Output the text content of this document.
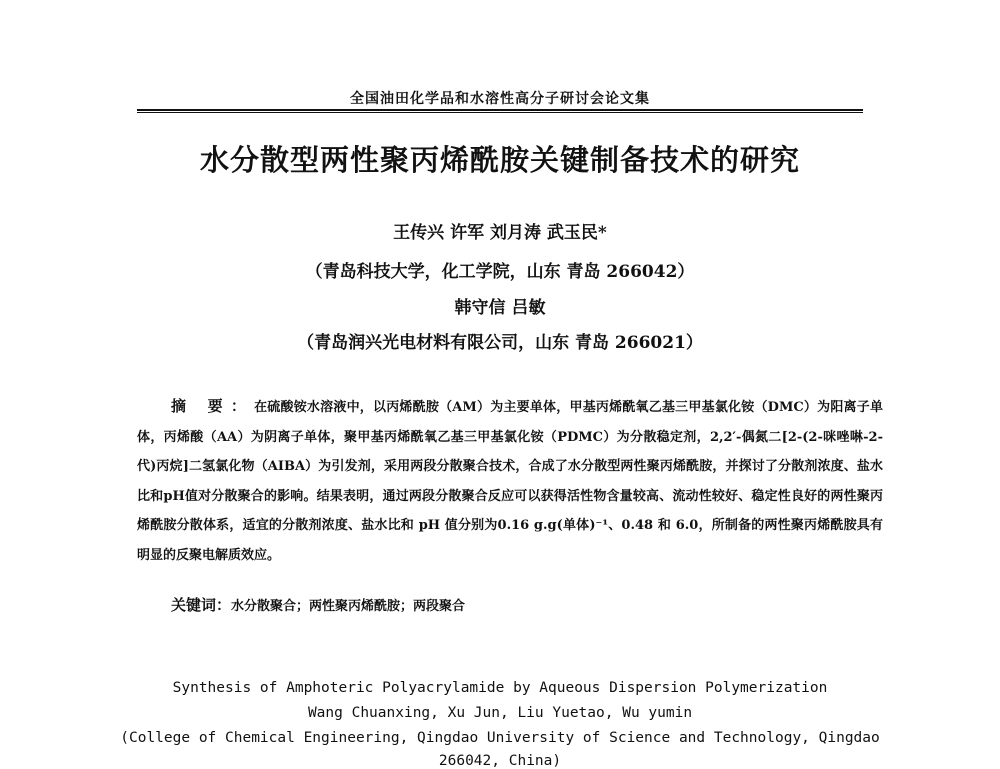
全国油田化学品和水溶性高分子研讨会论文集
水分散型两性聚丙烯酰胺关键制备技术的研究
王传兴 许军 刘月涛 武玉民*
（青岛科技大学，化工学院，山东 青岛 266042）
韩守信 吕敏
（青岛润兴光电材料有限公司，山东 青岛 266021）
摘 要：在硫酸铵水溶液中，以丙烯酰胺（AM）为主要单体，甲基丙烯酰氧乙基三甲基氯化铵（DMC）为阳离子单体，丙烯酸（AA）为阴离子单体，聚甲基丙烯酰氧乙基三甲基氯化铵（PDMC）为分散稳定剂，2,2′-偶氮二[2-(2-咪唑啉-2-代)丙烷]二氢氯化物（AIBA）为引发剂，采用两段分散聚合技术，合成了水分散型两性聚丙烯酰胺，并探讨了分散剂浓度、盐水比和pH值对分散聚合的影响。结果表明，通过两段分散聚合反应可以获得活性物含量较高、流动性较好、稳定性良好的两性聚丙烯酰胺分散体系，适宜的分散剂浓度、盐水比和 pH 值分别为0.16 g.g(单体)⁻¹、0.48 和 6.0，所制备的两性聚丙烯酰胺具有明显的反聚电解质效应。
关键词：水分散聚合；两性聚丙烯酰胺；两段聚合
Synthesis of Amphoteric Polyacrylamide by Aqueous Dispersion Polymerization
Wang Chuanxing, Xu Jun, Liu Yuetao, Wu yumin
(College of Chemical Engineering, Qingdao University of Science and Technology, Qingdao
266042, China)
